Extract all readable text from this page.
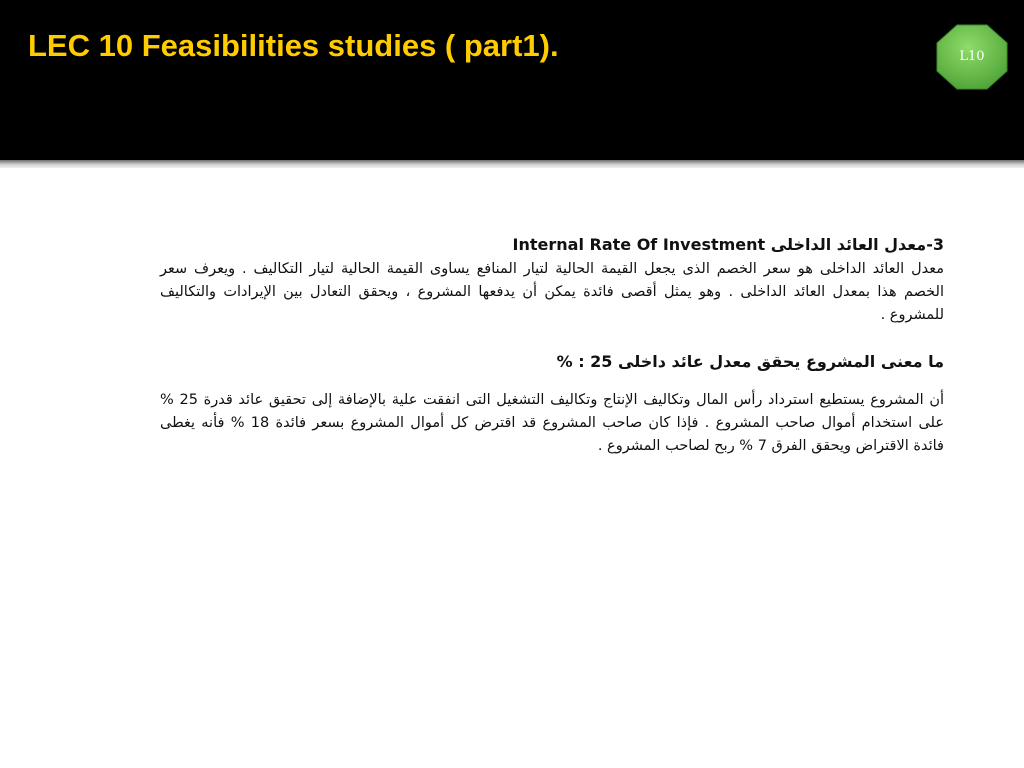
LEC 10 Feasibilities studies ( part1).	L10

3-معدل العائد الداخلى Internal Rate Of Investment

معدل العائد الداخلى هو سعر الخصم الذى يجعل القيمة الحالية لتيار المنافع يساوى القيمة الحالية لتيار التكاليف . ويعرف سعر الخصم هذا بمعدل العائد الداخلى . وهو يمثل أقصى فائدة يمكن أن يدفعها المشروع ، ويحقق التعادل بين الإيرادات والتكاليف للمشروع .

ما معنى المشروع يحقق معدل عائد داخلى 25 : %

أن المشروع يستطيع استرداد رأس المال وتكاليف الإنتاج وتكاليف التشغيل التى انفقت علية بالإضافة إلى تحقيق عائد قدرة 25 % على استخدام أموال صاحب المشروع . فإذا كان صاحب المشروع قد اقترض كل أموال المشروع بسعر فائدة 18 % فأنه يغطى فائدة الاقتراض ويحقق الفرق 7 % ربح لصاحب المشروع .
